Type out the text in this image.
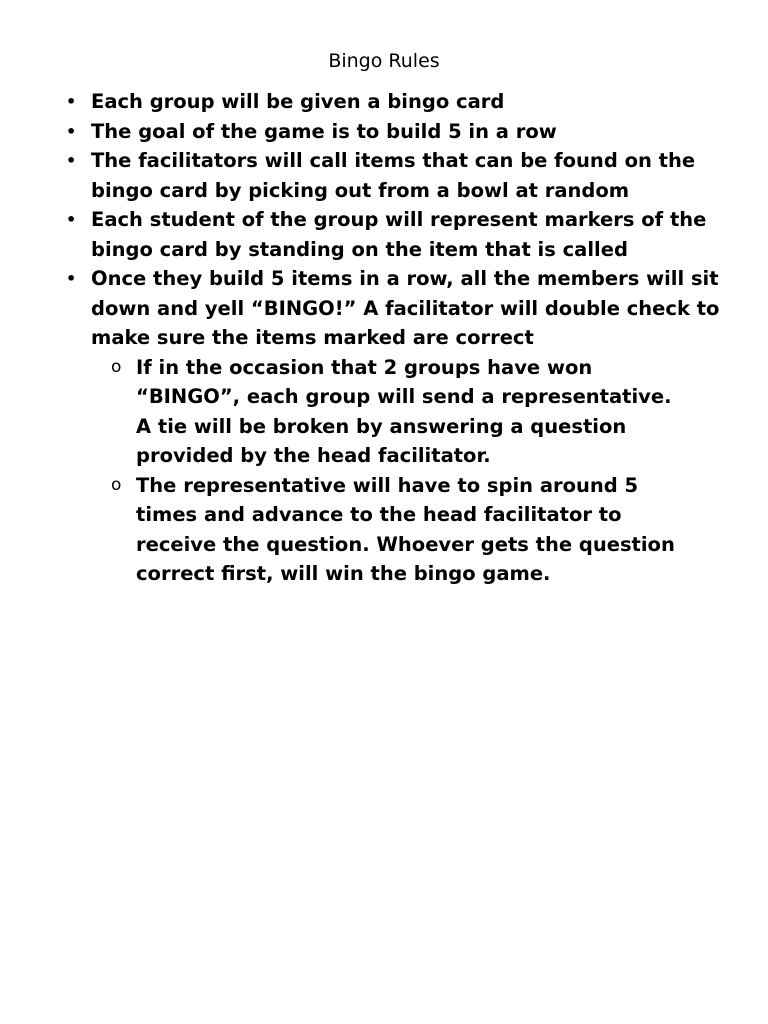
Bingo Rules
• Each group will be given a bingo card
• The goal of the game is to build 5 in a row
• The facilitators will call items that can be found on the bingo card by picking out from a bowl at random
• Each student of the group will represent markers of the bingo card by standing on the item that is called
• Once they build 5 items in a row, all the members will sit down and yell “BINGO!” A facilitator will double check to make sure the items marked are correct
o If in the occasion that 2 groups have won “BINGO”, each group will send a representative. A tie will be broken by answering a question provided by the head facilitator.
o The representative will have to spin around 5 times and advance to the head facilitator to receive the question. Whoever gets the question correct first, will win the bingo game.
